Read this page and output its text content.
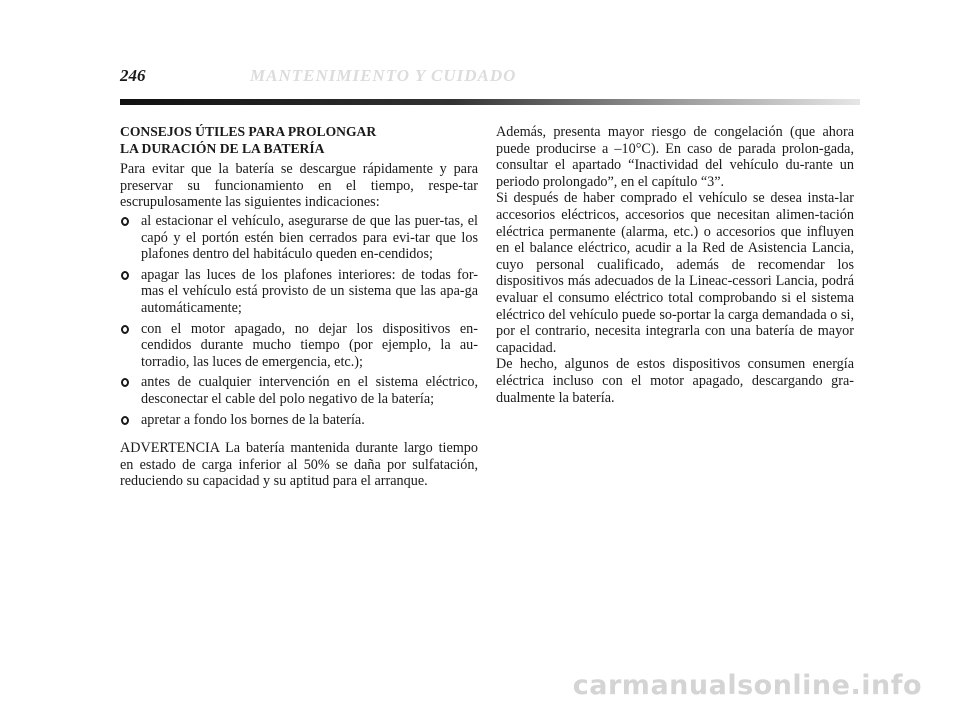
246	MANTENIMIENTO Y CUIDADO
CONSEJOS ÚTILES PARA PROLONGAR
LA DURACIÓN DE LA BATERÍA

Para evitar que la batería se descargue rápidamente y para preservar su funcionamiento en el tiempo, respe-tar escrupulosamente las siguientes indicaciones:

al estacionar el vehículo, asegurarse de que las puer-tas, el capó y el portón estén bien cerrados para evi-tar que los plafones dentro del habitáculo queden en-cendidos;
apagar las luces de los plafones interiores: de todas for-mas el vehículo está provisto de un sistema que las apa-ga automáticamente;
con el motor apagado, no dejar los dispositivos en-cendidos durante mucho tiempo (por ejemplo, la au-torradio, las luces de emergencia, etc.);
antes de cualquier intervención en el sistema eléctrico, desconectar el cable del polo negativo de la batería;
apretar a fondo los bornes de la batería.

ADVERTENCIA La batería mantenida durante largo tiempo en estado de carga inferior al 50% se daña por sulfatación, reduciendo su capacidad y su aptitud para el arranque.

Además, presenta mayor riesgo de congelación (que ahora puede producirse a –10°C). En caso de parada prolon-gada, consultar el apartado “Inactividad del vehículo du-rante un periodo prolongado”, en el capítulo “3”.

Si después de haber comprado el vehículo se desea insta-lar accesorios eléctricos, accesorios que necesitan alimen-tación eléctrica permanente (alarma, etc.) o accesorios que influyen en el balance eléctrico, acudir a la Red de Asistencia Lancia, cuyo personal cualificado, además de recomendar los dispositivos más adecuados de la Lineac-cessori Lancia, podrá evaluar el consumo eléctrico total comprobando si el sistema eléctrico del vehículo puede so-portar la carga demandada o si, por el contrario, necesita integrarla con una batería de mayor capacidad.

De hecho, algunos de estos dispositivos consumen energía eléctrica incluso con el motor apagado, descargando gra-dualmente la batería.

carmanualsonline.info
